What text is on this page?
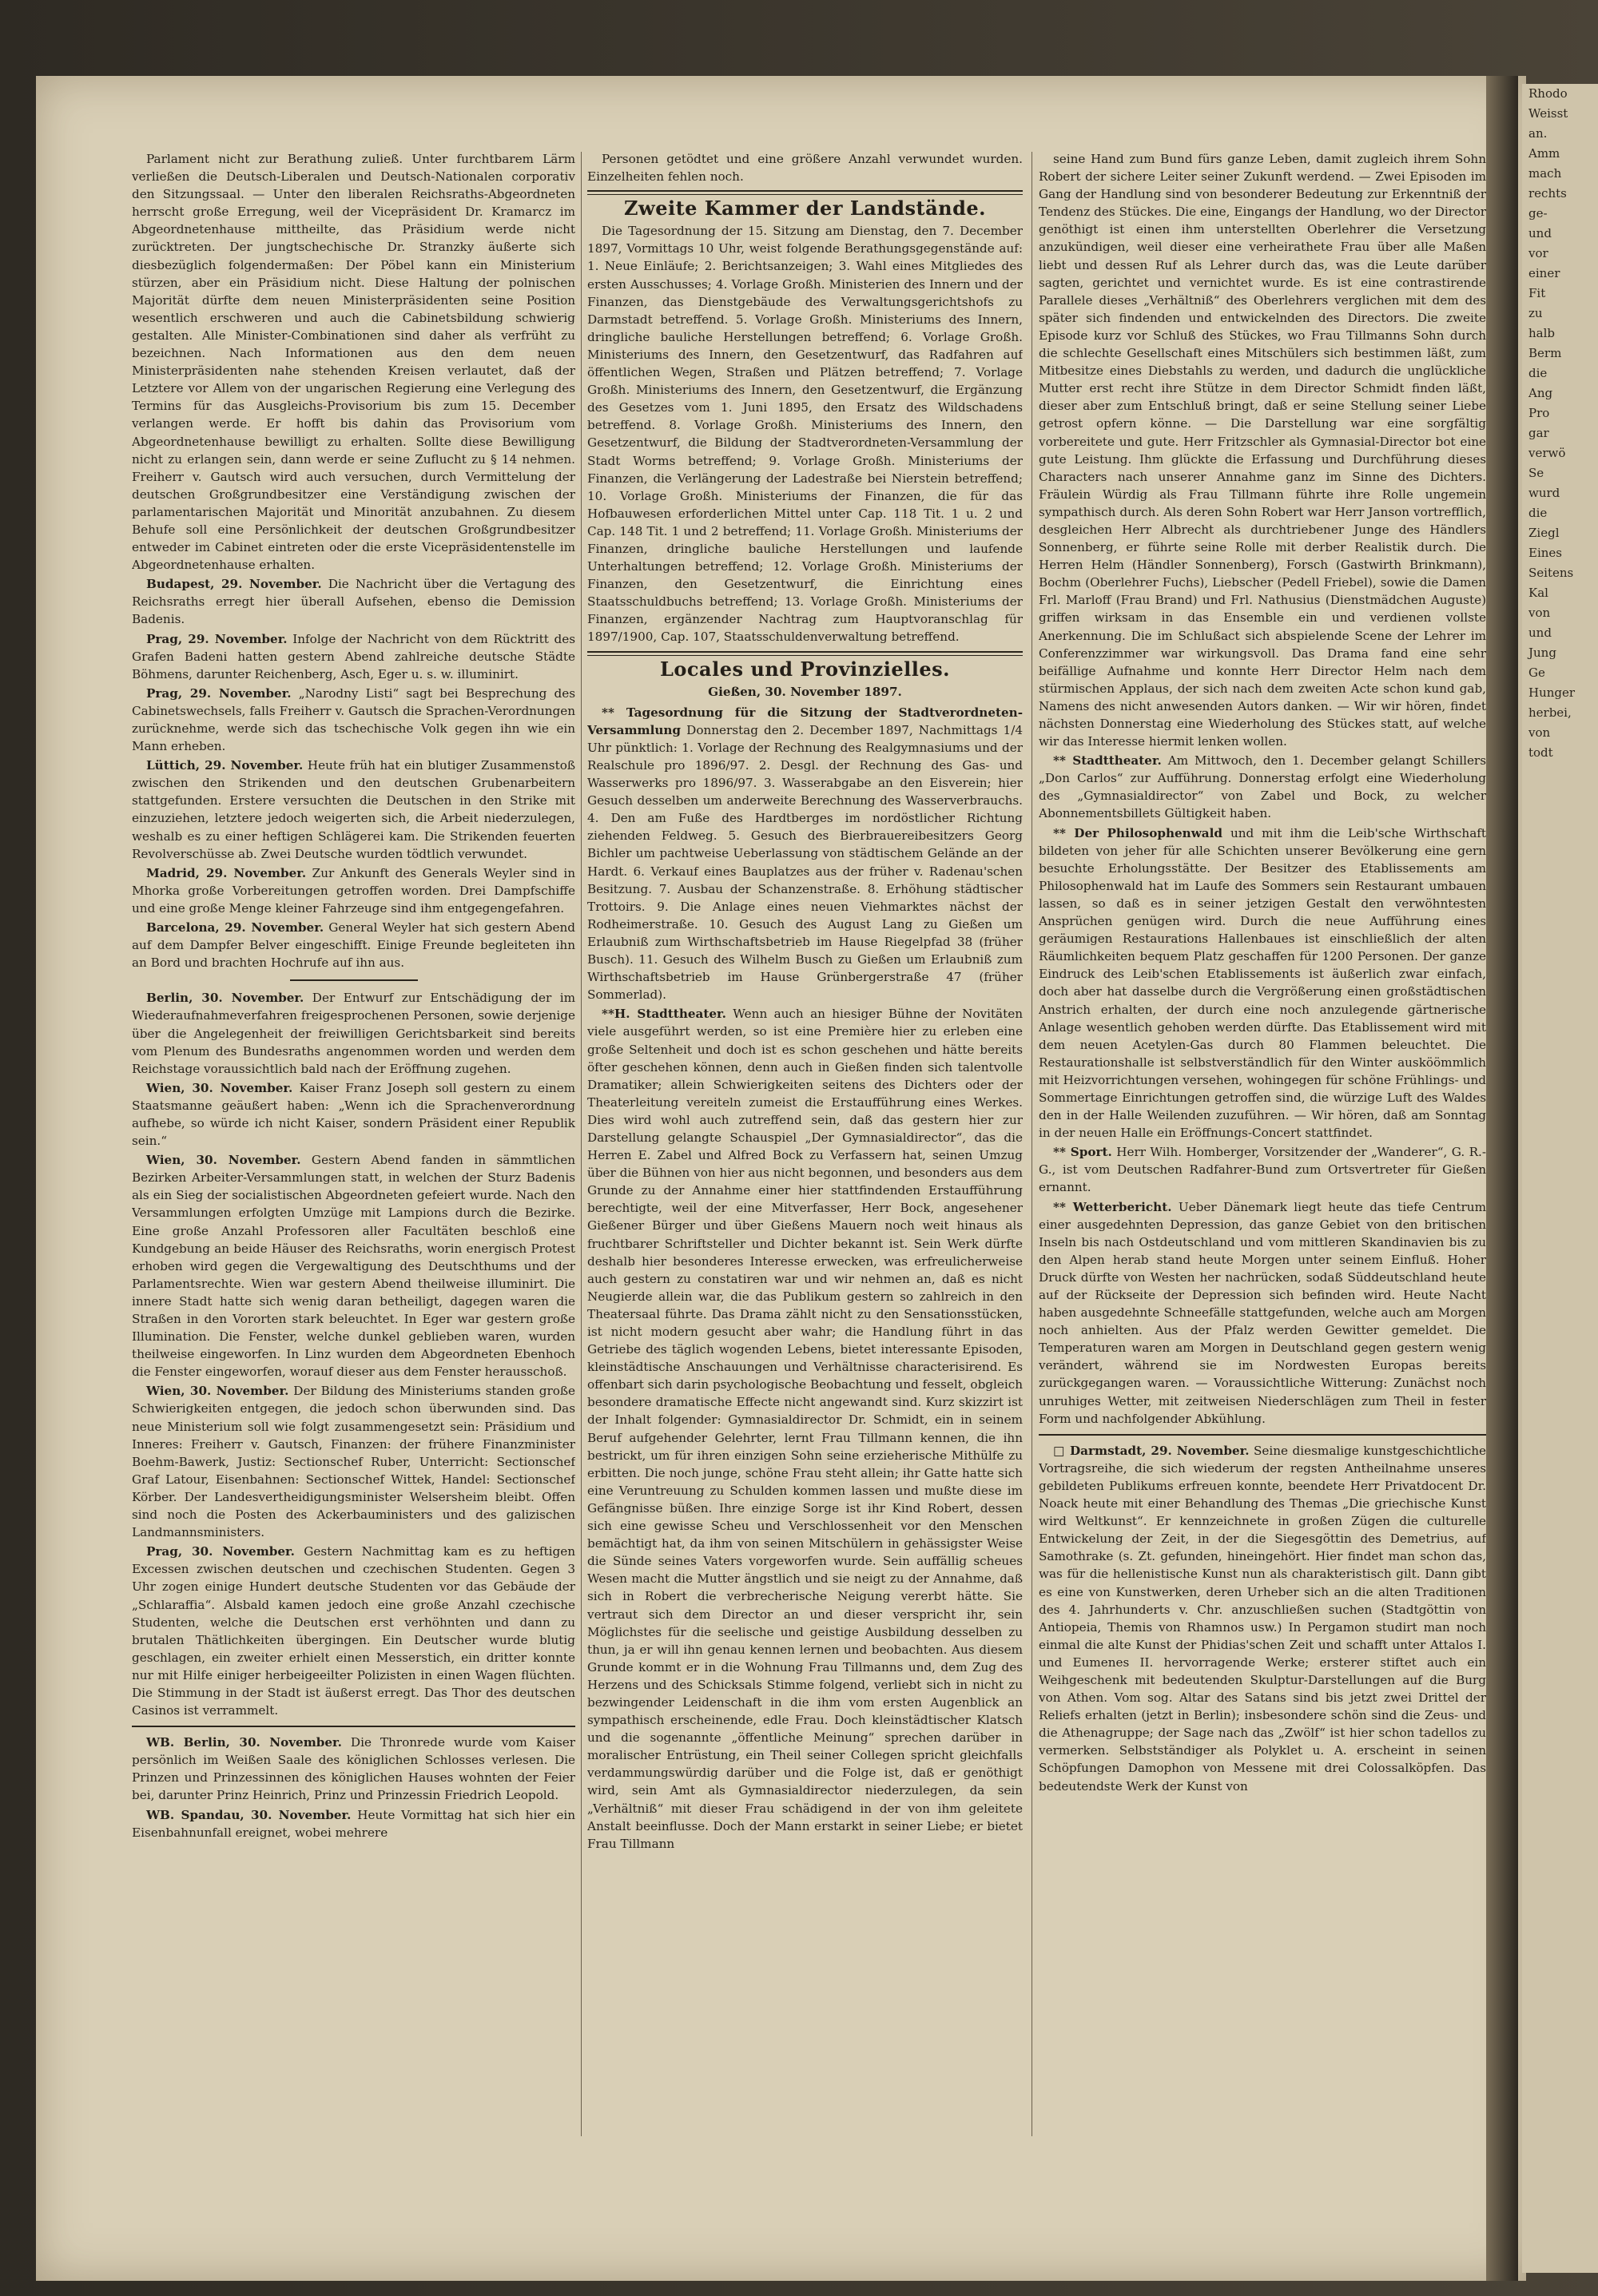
Rhodo
Weisst
an.
Amm
mach
rechts
ge-
und
vor
einer
Fit
zu
halb
Berm
die
Ang
Pro
gar
verwö
Se
wurd
die
Ziegl
Eines
Seitens
Kal
von
und
Jung
Ge
Hunger
herbei,
von
todt

Parlament nicht zur Berathung zuließ. Unter furchtbarem Lärm verließen die Deutsch-Liberalen und Deutsch-Nationalen corporativ den Sitzungssaal. — Unter den liberalen Reichsraths-Abgeordneten herrscht große Erregung, weil der Vicepräsident Dr. Kramarcz im Abgeordnetenhause mittheilte, das Präsidium werde nicht zurücktreten. Der jungtschechische Dr. Stranzky äußerte sich diesbezüglich folgendermaßen: Der Pöbel kann ein Ministerium stürzen, aber ein Präsidium nicht. Diese Haltung der polnischen Majorität dürfte dem neuen Ministerpräsidenten seine Position wesentlich erschweren und auch die Cabinetsbildung schwierig gestalten. Alle Minister-Combinationen sind daher als verfrüht zu bezeichnen. Nach Informationen aus den dem neuen Ministerpräsidenten nahe stehenden Kreisen verlautet, daß der Letztere vor Allem von der ungarischen Regierung eine Verlegung des Termins für das Ausgleichs-Provisorium bis zum 15. December verlangen werde. Er hofft bis dahin das Provisorium vom Abgeordnetenhause bewilligt zu erhalten. Sollte diese Bewilligung nicht zu erlangen sein, dann werde er seine Zuflucht zu § 14 nehmen. Freiherr v. Gautsch wird auch versuchen, durch Vermittelung der deutschen Großgrundbesitzer eine Verständigung zwischen der parlamentarischen Majorität und Minorität anzubahnen. Zu diesem Behufe soll eine Persönlichkeit der deutschen Großgrundbesitzer entweder im Cabinet eintreten oder die erste Vicepräsidentenstelle im Abgeordnetenhause erhalten.

Budapest, 29. November. Die Nachricht über die Vertagung des Reichsraths erregt hier überall Aufsehen, ebenso die Demission Badenis.

Prag, 29. November. Infolge der Nachricht von dem Rücktritt des Grafen Badeni hatten gestern Abend zahlreiche deutsche Städte Böhmens, darunter Reichenberg, Asch, Eger u. s. w. illuminirt.

Prag, 29. November. „Narodny Listi“ sagt bei Besprechung des Cabinetswechsels, falls Freiherr v. Gautsch die Sprachen-Verordnungen zurücknehme, werde sich das tschechische Volk gegen ihn wie ein Mann erheben.

Lüttich, 29. November. Heute früh hat ein blutiger Zusammenstoß zwischen den Strikenden und den deutschen Grubenarbeitern stattgefunden. Erstere versuchten die Deutschen in den Strike mit einzuziehen, letztere jedoch weigerten sich, die Arbeit niederzulegen, weshalb es zu einer heftigen Schlägerei kam. Die Strikenden feuerten Revolverschüsse ab. Zwei Deutsche wurden tödtlich verwundet.

Madrid, 29. November. Zur Ankunft des Generals Weyler sind in Mhorka große Vorbereitungen getroffen worden. Drei Dampfschiffe und eine große Menge kleiner Fahrzeuge sind ihm entgegengefahren.

Barcelona, 29. November. General Weyler hat sich gestern Abend auf dem Dampfer Belver eingeschifft. Einige Freunde begleiteten ihn an Bord und brachten Hochrufe auf ihn aus.

Berlin, 30. November. Der Entwurf zur Entschädigung der im Wiederaufnahmeverfahren freigesprochenen Personen, sowie derjenige über die Angelegenheit der freiwilligen Gerichtsbarkeit sind bereits vom Plenum des Bundesraths angenommen worden und werden dem Reichstage voraussichtlich bald nach der Eröffnung zugehen.

Wien, 30. November. Kaiser Franz Joseph soll gestern zu einem Staatsmanne geäußert haben: „Wenn ich die Sprachenverordnung aufhebe, so würde ich nicht Kaiser, sondern Präsident einer Republik sein.“

Wien, 30. November. Gestern Abend fanden in sämmtlichen Bezirken Arbeiter-Versammlungen statt, in welchen der Sturz Badenis als ein Sieg der socialistischen Abgeordneten gefeiert wurde. Nach den Versammlungen erfolgten Umzüge mit Lampions durch die Bezirke. Eine große Anzahl Professoren aller Facultäten beschloß eine Kundgebung an beide Häuser des Reichsraths, worin energisch Protest erhoben wird gegen die Vergewaltigung des Deutschthums und der Parlamentsrechte. Wien war gestern Abend theilweise illuminirt. Die innere Stadt hatte sich wenig daran betheiligt, dagegen waren die Straßen in den Vororten stark beleuchtet. In Eger war gestern große Illumination. Die Fenster, welche dunkel geblieben waren, wurden theilweise eingeworfen. In Linz wurden dem Abgeordneten Ebenhoch die Fenster eingeworfen, worauf dieser aus dem Fenster herausschoß.

Wien, 30. November. Der Bildung des Ministeriums standen große Schwierigkeiten entgegen, die jedoch schon überwunden sind. Das neue Ministerium soll wie folgt zusammengesetzt sein: Präsidium und Inneres: Freiherr v. Gautsch, Finanzen: der frühere Finanzminister Boehm-Bawerk, Justiz: Sectionschef Ruber, Unterricht: Sectionschef Graf Latour, Eisenbahnen: Sectionschef Wittek, Handel: Sectionschef Körber. Der Landesvertheidigungsminister Welsersheim bleibt. Offen sind noch die Posten des Ackerbauministers und des galizischen Landmannsministers.

Prag, 30. November. Gestern Nachmittag kam es zu heftigen Excessen zwischen deutschen und czechischen Studenten. Gegen 3 Uhr zogen einige Hundert deutsche Studenten vor das Gebäude der „Schlaraffia“. Alsbald kamen jedoch eine große Anzahl czechische Studenten, welche die Deutschen erst verhöhnten und dann zu brutalen Thätlichkeiten übergingen. Ein Deutscher wurde blutig geschlagen, ein zweiter erhielt einen Messerstich, ein dritter konnte nur mit Hilfe einiger herbeigeeilter Polizisten in einen Wagen flüchten. Die Stimmung in der Stadt ist äußerst erregt. Das Thor des deutschen Casinos ist verrammelt.

WB. Berlin, 30. November. Die Thronrede wurde vom Kaiser persönlich im Weißen Saale des königlichen Schlosses verlesen. Die Prinzen und Prinzessinnen des königlichen Hauses wohnten der Feier bei, darunter Prinz Heinrich, Prinz und Prinzessin Friedrich Leopold.

WB. Spandau, 30. November. Heute Vormittag hat sich hier ein Eisenbahnunfall ereignet, wobei mehrere

Personen getödtet und eine größere Anzahl verwundet wurden. Einzelheiten fehlen noch.

Zweite Kammer der Landstände.

Die Tagesordnung der 15. Sitzung am Dienstag, den 7. December 1897, Vormittags 10 Uhr, weist folgende Berathungsgegenstände auf: 1. Neue Einläufe; 2. Berichtsanzeigen; 3. Wahl eines Mitgliedes des ersten Ausschusses; 4. Vorlage Großh. Ministerien des Innern und der Finanzen, das Dienstgebäude des Verwaltungsgerichtshofs zu Darmstadt betreffend. 5. Vorlage Großh. Ministeriums des Innern, dringliche bauliche Herstellungen betreffend; 6. Vorlage Großh. Ministeriums des Innern, den Gesetzentwurf, das Radfahren auf öffentlichen Wegen, Straßen und Plätzen betreffend; 7. Vorlage Großh. Ministeriums des Innern, den Gesetzentwurf, die Ergänzung des Gesetzes vom 1. Juni 1895, den Ersatz des Wildschadens betreffend. 8. Vorlage Großh. Ministeriums des Innern, den Gesetzentwurf, die Bildung der Stadtverordneten-Versammlung der Stadt Worms betreffend; 9. Vorlage Großh. Ministeriums der Finanzen, die Verlängerung der Ladestraße bei Nierstein betreffend; 10. Vorlage Großh. Ministeriums der Finanzen, die für das Hofbauwesen erforderlichen Mittel unter Cap. 118 Tit. 1 u. 2 und Cap. 148 Tit. 1 und 2 betreffend; 11. Vorlage Großh. Ministeriums der Finanzen, dringliche bauliche Herstellungen und laufende Unterhaltungen betreffend; 12. Vorlage Großh. Ministeriums der Finanzen, den Gesetzentwurf, die Einrichtung eines Staatsschuldbuchs betreffend; 13. Vorlage Großh. Ministeriums der Finanzen, ergänzender Nachtrag zum Hauptvoranschlag für 1897/1900, Cap. 107, Staatsschuldenverwaltung betreffend.

Locales und Provinzielles.

Gießen, 30. November 1897.

** Tagesordnung für die Sitzung der Stadtverordneten-Versammlung Donnerstag den 2. December 1897, Nachmittags 1/4 Uhr pünktlich: 1. Vorlage der Rechnung des Realgymnasiums und der Realschule pro 1896/97. 2. Desgl. der Rechnung des Gas- und Wasserwerks pro 1896/97. 3. Wasserabgabe an den Eisverein; hier Gesuch desselben um anderweite Berechnung des Wasserverbrauchs. 4. Den am Fuße des Hardtberges im nordöstlicher Richtung ziehenden Feldweg. 5. Gesuch des Bierbrauereibesitzers Georg Bichler um pachtweise Ueberlassung von städtischem Gelände an der Hardt. 6. Verkauf eines Bauplatzes aus der früher v. Radenau'schen Besitzung. 7. Ausbau der Schanzenstraße. 8. Erhöhung städtischer Trottoirs. 9. Die Anlage eines neuen Viehmarktes nächst der Rodheimerstraße. 10. Gesuch des August Lang zu Gießen um Erlaubniß zum Wirthschaftsbetrieb im Hause Riegelpfad 38 (früher Busch). 11. Gesuch des Wilhelm Busch zu Gießen um Erlaubniß zum Wirthschaftsbetrieb im Hause Grünbergerstraße 47 (früher Sommerlad).

**H. Stadttheater. Wenn auch an hiesiger Bühne der Novitäten viele ausgeführt werden, so ist eine Première hier zu erleben eine große Seltenheit und doch ist es schon geschehen und hätte bereits öfter geschehen können, denn auch in Gießen finden sich talentvolle Dramatiker; allein Schwierigkeiten seitens des Dichters oder der Theaterleitung vereiteln zumeist die Erstaufführung eines Werkes. Dies wird wohl auch zutreffend sein, daß das gestern hier zur Darstellung gelangte Schauspiel „Der Gymnasialdirector“, das die Herren E. Zabel und Alfred Bock zu Verfassern hat, seinen Umzug über die Bühnen von hier aus nicht begonnen, und besonders aus dem Grunde zu der Annahme einer hier stattfindenden Erstaufführung berechtigte, weil der eine Mitverfasser, Herr Bock, angesehener Gießener Bürger und über Gießens Mauern noch weit hinaus als fruchtbarer Schriftsteller und Dichter bekannt ist. Sein Werk dürfte deshalb hier besonderes Interesse erwecken, was erfreulicherweise auch gestern zu constatiren war und wir nehmen an, daß es nicht Neugierde allein war, die das Publikum gestern so zahlreich in den Theatersaal führte. Das Drama zählt nicht zu den Sensationsstücken, ist nicht modern gesucht aber wahr; die Handlung führt in das Getriebe des täglich wogenden Lebens, bietet interessante Episoden, kleinstädtische Anschauungen und Verhältnisse characterisirend. Es offenbart sich darin psychologische Beobachtung und fesselt, obgleich besondere dramatische Effecte nicht angewandt sind. Kurz skizzirt ist der Inhalt folgender: Gymnasialdirector Dr. Schmidt, ein in seinem Beruf aufgehender Gelehrter, lernt Frau Tillmann kennen, die ihn bestrickt, um für ihren einzigen Sohn seine erzieherische Mithülfe zu erbitten. Die noch junge, schöne Frau steht allein; ihr Gatte hatte sich eine Veruntreuung zu Schulden kommen lassen und mußte diese im Gefängnisse büßen. Ihre einzige Sorge ist ihr Kind Robert, dessen sich eine gewisse Scheu und Verschlossenheit vor den Menschen bemächtigt hat, da ihm von seinen Mitschülern in gehässigster Weise die Sünde seines Vaters vorgeworfen wurde. Sein auffällig scheues Wesen macht die Mutter ängstlich und sie neigt zu der Annahme, daß sich in Robert die verbrecherische Neigung vererbt hätte. Sie vertraut sich dem Director an und dieser verspricht ihr, sein Möglichstes für die seelische und geistige Ausbildung desselben zu thun, ja er will ihn genau kennen lernen und beobachten. Aus diesem Grunde kommt er in die Wohnung Frau Tillmanns und, dem Zug des Herzens und des Schicksals Stimme folgend, verliebt sich in nicht zu bezwingender Leidenschaft in die ihm vom ersten Augenblick an sympathisch erscheinende, edle Frau. Doch kleinstädtischer Klatsch und die sogenannte „öffentliche Meinung“ sprechen darüber in moralischer Entrüstung, ein Theil seiner Collegen spricht gleichfalls verdammungswürdig darüber und die Folge ist, daß er genöthigt wird, sein Amt als Gymnasialdirector niederzulegen, da sein „Verhältniß“ mit dieser Frau schädigend in der von ihm geleitete Anstalt beeinflusse. Doch der Mann erstarkt in seiner Liebe; er bietet Frau Tillmann

seine Hand zum Bund fürs ganze Leben, damit zugleich ihrem Sohn Robert der sichere Leiter seiner Zukunft werdend. — Zwei Episoden im Gang der Handlung sind von besonderer Bedeutung zur Erkenntniß der Tendenz des Stückes. Die eine, Eingangs der Handlung, wo der Director genöthigt ist einen ihm unterstellten Oberlehrer die Versetzung anzukündigen, weil dieser eine verheirathete Frau über alle Maßen liebt und dessen Ruf als Lehrer durch das, was die Leute darüber sagten, gerichtet und vernichtet wurde. Es ist eine contrastirende Parallele dieses „Verhältniß“ des Oberlehrers verglichen mit dem des später sich findenden und entwickelnden des Directors. Die zweite Episode kurz vor Schluß des Stückes, wo Frau Tillmanns Sohn durch die schlechte Gesellschaft eines Mitschülers sich bestimmen läßt, zum Mitbesitze eines Diebstahls zu werden, und dadurch die unglückliche Mutter erst recht ihre Stütze in dem Director Schmidt finden läßt, dieser aber zum Entschluß bringt, daß er seine Stellung seiner Liebe getrost opfern könne. — Die Darstellung war eine sorgfältig vorbereitete und gute. Herr Fritzschler als Gymnasial-Director bot eine gute Leistung. Ihm glückte die Erfassung und Durchführung dieses Characters nach unserer Annahme ganz im Sinne des Dichters. Fräulein Würdig als Frau Tillmann führte ihre Rolle ungemein sympathisch durch. Als deren Sohn Robert war Herr Janson vortrefflich, desgleichen Herr Albrecht als durchtriebener Junge des Händlers Sonnenberg, er führte seine Rolle mit derber Realistik durch. Die Herren Helm (Händler Sonnenberg), Forsch (Gastwirth Brinkmann), Bochm (Oberlehrer Fuchs), Liebscher (Pedell Friebel), sowie die Damen Frl. Marloff (Frau Brand) und Frl. Nathusius (Dienstmädchen Auguste) griffen wirksam in das Ensemble ein und verdienen vollste Anerkennung. Die im Schlußact sich abspielende Scene der Lehrer im Conferenzzimmer war wirkungsvoll. Das Drama fand eine sehr beifällige Aufnahme und konnte Herr Director Helm nach dem stürmischen Applaus, der sich nach dem zweiten Acte schon kund gab, Namens des nicht anwesenden Autors danken. — Wir wir hören, findet nächsten Donnerstag eine Wiederholung des Stückes statt, auf welche wir das Interesse hiermit lenken wollen.

** Stadttheater. Am Mittwoch, den 1. December gelangt Schillers „Don Carlos“ zur Aufführung. Donnerstag erfolgt eine Wiederholung des „Gymnasialdirector“ von Zabel und Bock, zu welcher Abonnementsbillets Gültigkeit haben.

** Der Philosophenwald und mit ihm die Leib'sche Wirthschaft bildeten von jeher für alle Schichten unserer Bevölkerung eine gern besuchte Erholungsstätte. Der Besitzer des Etablissements am Philosophenwald hat im Laufe des Sommers sein Restaurant umbauen lassen, so daß es in seiner jetzigen Gestalt den verwöhntesten Ansprüchen genügen wird. Durch die neue Aufführung eines geräumigen Restaurations Hallenbaues ist einschließlich der alten Räumlichkeiten bequem Platz geschaffen für 1200 Personen. Der ganze Eindruck des Leib'schen Etablissements ist äußerlich zwar einfach, doch aber hat dasselbe durch die Vergrößerung einen großstädtischen Anstrich erhalten, der durch eine noch anzulegende gärtnerische Anlage wesentlich gehoben werden dürfte. Das Etablissement wird mit dem neuen Acetylen-Gas durch 80 Flammen beleuchtet. Die Restaurationshalle ist selbstverständlich für den Winter ausköömmlich mit Heizvorrichtungen versehen, wohingegen für schöne Frühlings- und Sommertage Einrichtungen getroffen sind, die würzige Luft des Waldes den in der Halle Weilenden zuzuführen. — Wir hören, daß am Sonntag in der neuen Halle ein Eröffnungs-Concert stattfindet.

** Sport. Herr Wilh. Homberger, Vorsitzender der „Wanderer“, G. R.-G., ist vom Deutschen Radfahrer-Bund zum Ortsvertreter für Gießen ernannt.

** Wetterbericht. Ueber Dänemark liegt heute das tiefe Centrum einer ausgedehnten Depression, das ganze Gebiet von den britischen Inseln bis nach Ostdeutschland und vom mittleren Skandinavien bis zu den Alpen herab stand heute Morgen unter seinem Einfluß. Hoher Druck dürfte von Westen her nachrücken, sodaß Süddeutschland heute auf der Rückseite der Depression sich befinden wird. Heute Nacht haben ausgedehnte Schneefälle stattgefunden, welche auch am Morgen noch anhielten. Aus der Pfalz werden Gewitter gemeldet. Die Temperaturen waren am Morgen in Deutschland gegen gestern wenig verändert, während sie im Nordwesten Europas bereits zurückgegangen waren. — Voraussichtliche Witterung: Zunächst noch unruhiges Wetter, mit zeitweisen Niederschlägen zum Theil in fester Form und nachfolgender Abkühlung.

□ Darmstadt, 29. November. Seine diesmalige kunstgeschichtliche Vortragsreihe, die sich wiederum der regsten Antheilnahme unseres gebildeten Publikums erfreuen konnte, beendete Herr Privatdocent Dr. Noack heute mit einer Behandlung des Themas „Die griechische Kunst wird Weltkunst“. Er kennzeichnete in großen Zügen die culturelle Entwickelung der Zeit, in der die Siegesgöttin des Demetrius, auf Samothrake (s. Zt. gefunden, hineingehört. Hier findet man schon das, was für die hellenistische Kunst nun als charakteristisch gilt. Dann gibt es eine von Kunstwerken, deren Urheber sich an die alten Traditionen des 4. Jahrhunderts v. Chr. anzuschließen suchen (Stadtgöttin von Antiopeia, Themis von Rhamnos usw.) In Pergamon studirt man noch einmal die alte Kunst der Phidias'schen Zeit und schafft unter Attalos I. und Eumenes II. hervorragende Werke; ersterer stiftet auch ein Weihgeschenk mit bedeutenden Skulptur-Darstellungen auf die Burg von Athen. Vom sog. Altar des Satans sind bis jetzt zwei Drittel der Reliefs erhalten (jetzt in Berlin); insbesondere schön sind die Zeus- und die Athenagruppe; der Sage nach das „Zwölf“ ist hier schon tadellos zu vermerken. Selbstständiger als Polyklet u. A. erscheint in seinen Schöpfungen Damophon von Messene mit drei Colossalköpfen. Das bedeutendste Werk der Kunst von
